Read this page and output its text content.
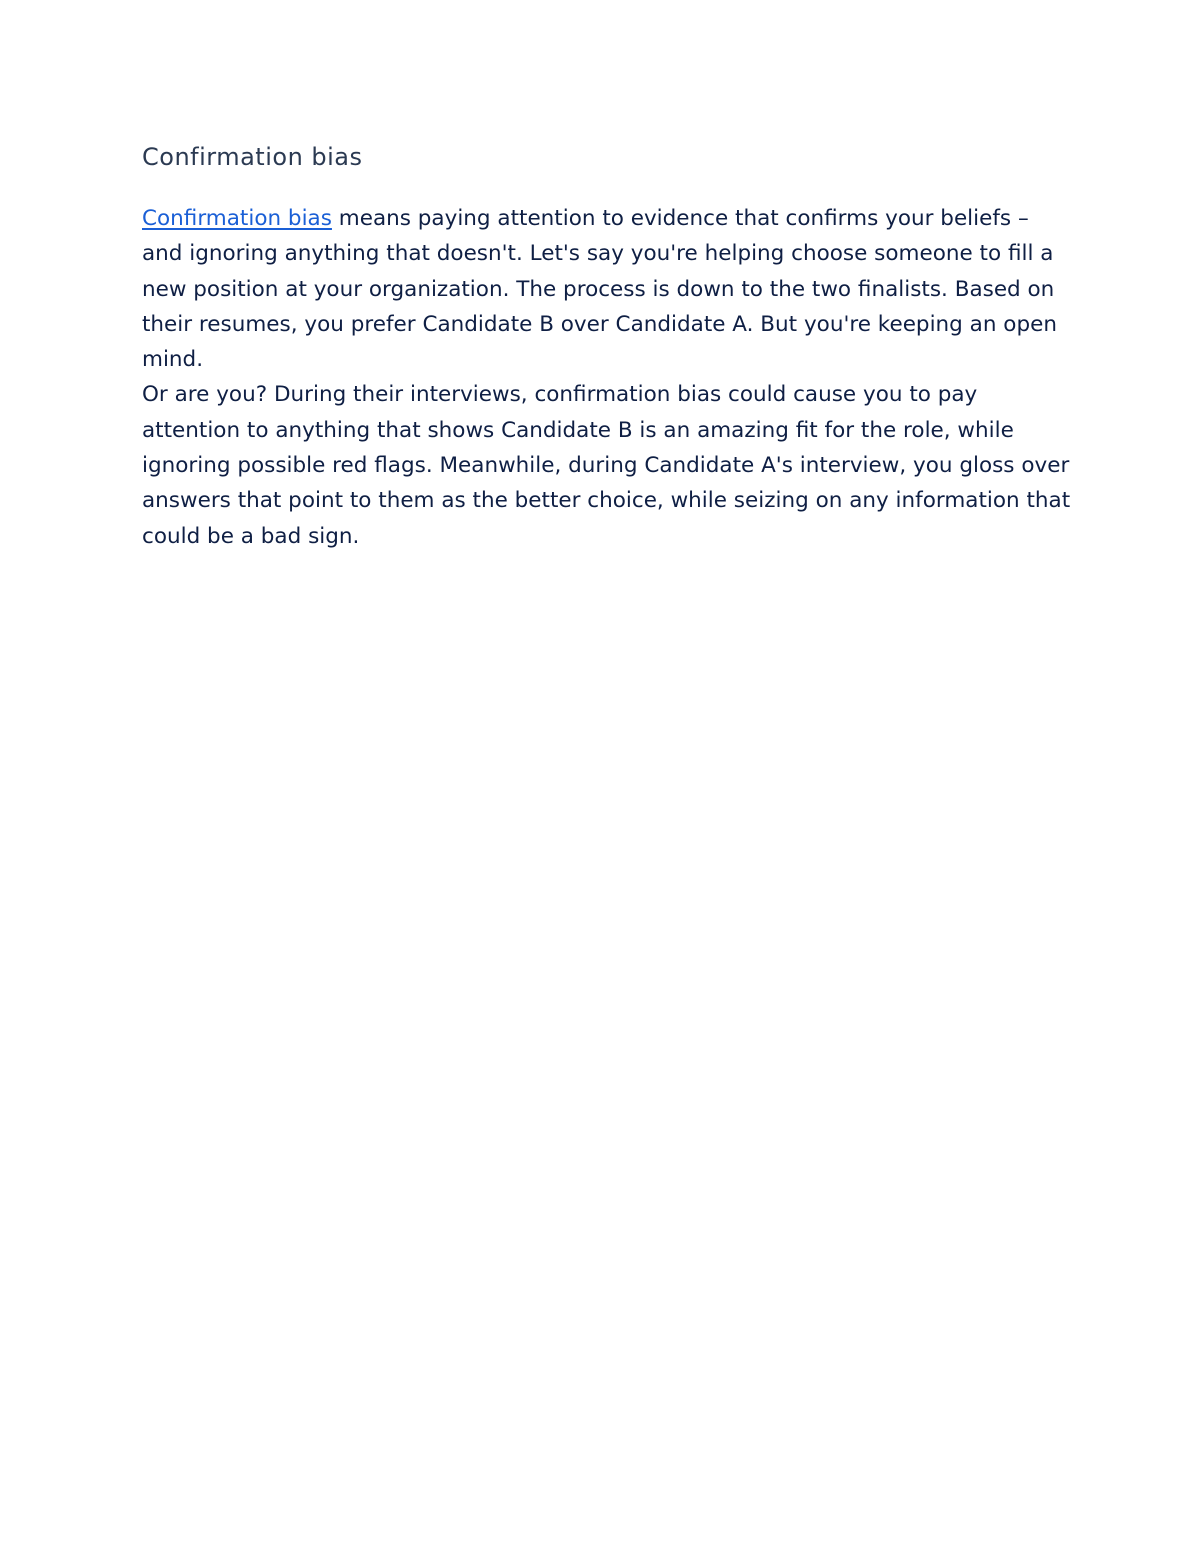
Confirmation bias

Confirmation bias means paying attention to evidence that confirms your beliefs – and ignoring anything that doesn't. Let's say you're helping choose someone to fill a new position at your organization. The process is down to the two finalists. Based on their resumes, you prefer Candidate B over Candidate A. But you're keeping an open mind.

Or are you? During their interviews, confirmation bias could cause you to pay attention to anything that shows Candidate B is an amazing fit for the role, while ignoring possible red flags. Meanwhile, during Candidate A's interview, you gloss over answers that point to them as the better choice, while seizing on any information that could be a bad sign.
